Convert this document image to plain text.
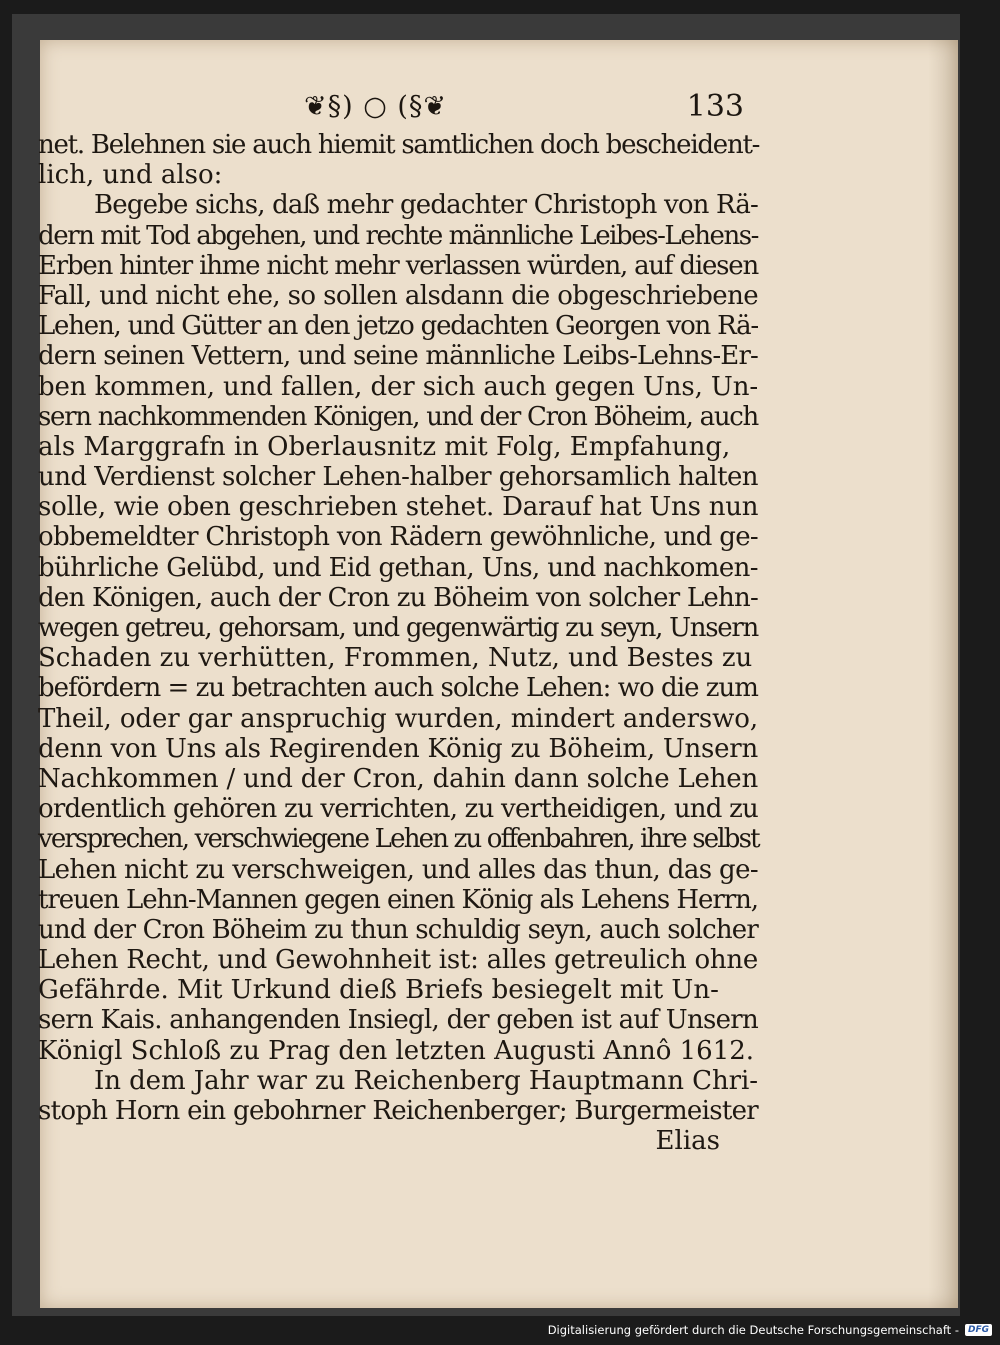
❦§) ○ (§❦	133
net. Belehnen sie auch hiemit samtlichen doch bescheident-
lich, und also:
Begebe sichs, daß mehr gedachter Christoph von Rä-
dern mit Tod abgehen, und rechte männliche Leibes-Lehens-
Erben hinter ihme nicht mehr verlassen würden, auf diesen
Fall, und nicht ehe, so sollen alsdann die obgeschriebene
Lehen, und Gütter an den jetzo gedachten Georgen von Rä-
dern seinen Vettern, und seine männliche Leibs-Lehns-Er-
ben kommen, und fallen, der sich auch gegen Uns, Un-
sern nachkommenden Königen, und der Cron Böheim, auch
als Marggrafn in Oberlausnitz mit Folg, Empfahung,
und Verdienst solcher Lehen-halber gehorsamlich halten
solle, wie oben geschrieben stehet. Darauf hat Uns nun
obbemeldter Christoph von Rädern gewöhnliche, und ge-
bührliche Gelübd, und Eid gethan, Uns, und nachkomen-
den Königen, auch der Cron zu Böheim von solcher Lehn-
wegen getreu, gehorsam, und gegenwärtig zu seyn, Unsern
Schaden zu verhütten, Frommen, Nutz, und Bestes zu
befördern = zu betrachten auch solche Lehen: wo die zum
Theil, oder gar anspruchig wurden, mindert anderswo,
denn von Uns als Regirenden König zu Böheim, Unsern
Nachkommen / und der Cron, dahin dann solche Lehen
ordentlich gehören zu verrichten, zu vertheidigen, und zu
versprechen, verschwiegene Lehen zu offenbahren, ihre selbst
Lehen nicht zu verschweigen, und alles das thun, das ge-
treuen Lehn-Mannen gegen einen König als Lehens Herrn,
und der Cron Böheim zu thun schuldig seyn, auch solcher
Lehen Recht, und Gewohnheit ist: alles getreulich ohne
Gefährde. Mit Urkund dieß Briefs besiegelt mit Un-
sern Kais. anhangenden Insiegl, der geben ist auf Unsern
Königl Schloß zu Prag den letzten Augusti Annô 1612.
In dem Jahr war zu Reichenberg Hauptmann Chri-
stoph Horn ein gebohrner Reichenberger; Burgermeister
Elias
Digitalisierung gefördert durch die Deutsche Forschungsgemeinschaft -	DFG
